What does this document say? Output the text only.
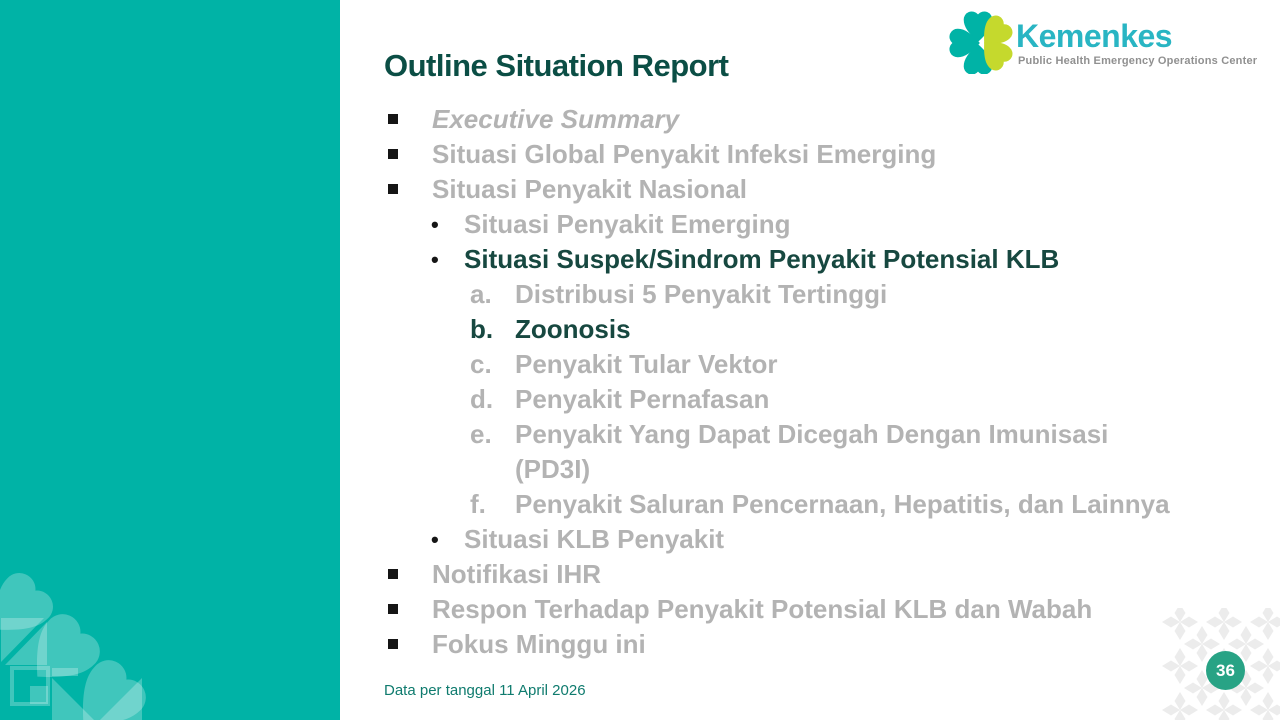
Outline Situation Report
Kemenkes
Public Health Emergency Operations Center
Executive Summary
Situasi Global Penyakit Infeksi Emerging
Situasi Penyakit Nasional
• Situasi Penyakit Emerging
• Situasi Suspek/Sindrom Penyakit Potensial KLB
a. Distribusi 5 Penyakit Tertinggi
b. Zoonosis
c. Penyakit Tular Vektor
d. Penyakit Pernafasan
e. Penyakit Yang Dapat Dicegah Dengan Imunisasi
(PD3I)
f.	Penyakit Saluran Pencernaan, Hepatitis, dan Lainnya
• Situasi KLB Penyakit
Notifikasi IHR
Respon Terhadap Penyakit Potensial KLB dan Wabah
Fokus Minggu ini
Data per tanggal 11 April 2026
36
